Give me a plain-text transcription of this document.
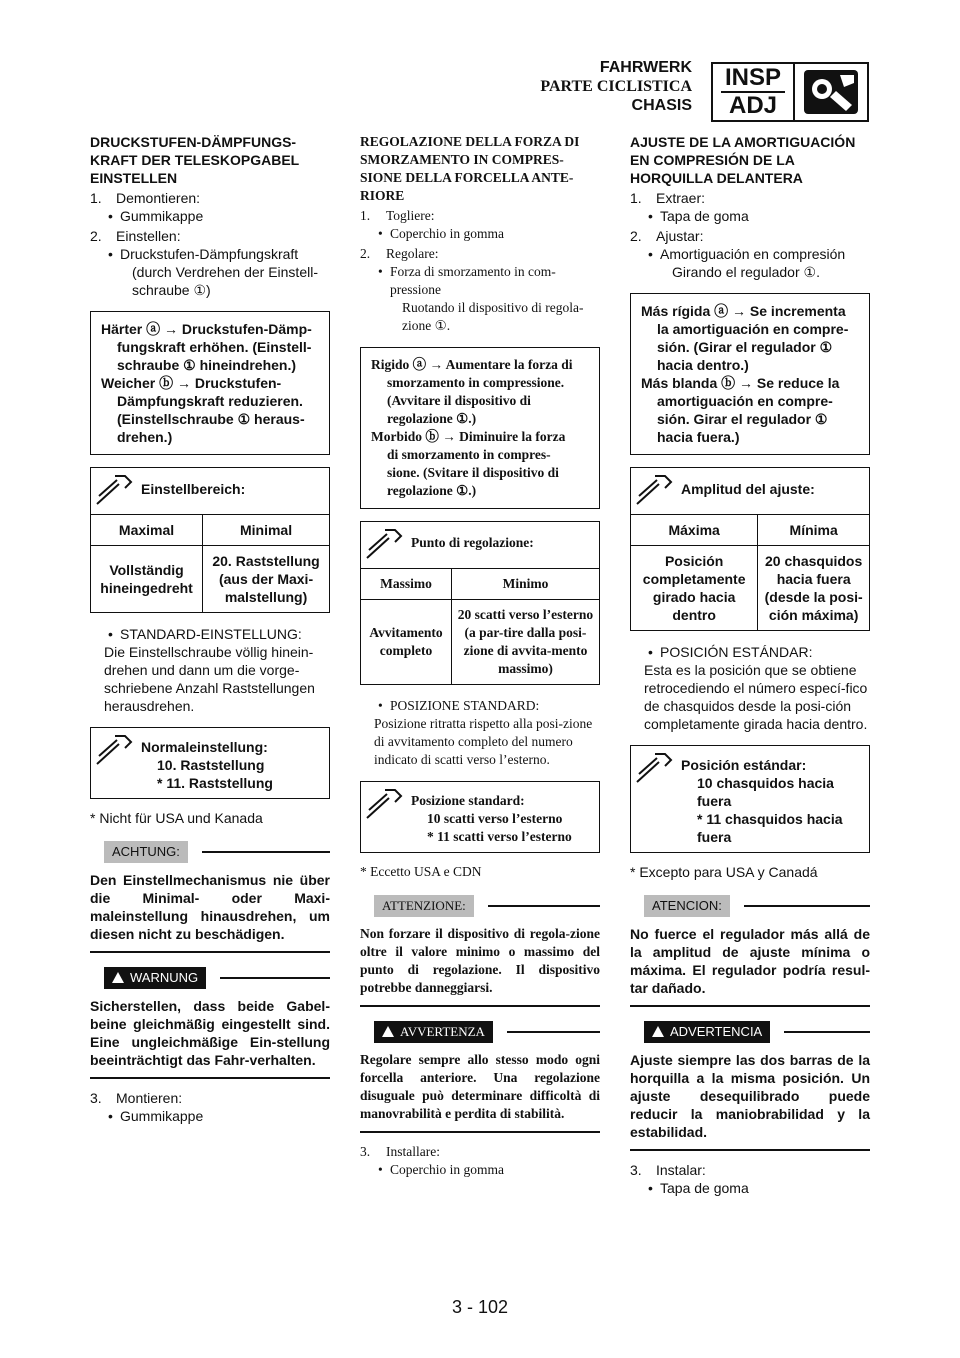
FAHRWERK
PARTE CICLISTICA
CHASIS
INSP
ADJ
DRUCKSTUFEN-DÄMPFUNGS-KRAFT DER TELESKOPGABEL EINSTELLEN
1. Demontieren:
• Gummikappe
2. Einstellen:
• Druckstufen-Dämpfungskraft
(durch Verdrehen der Einstell-schraube ①)

Härter ⓐ → Druckstufen-Dämp-

fungskraft erhöhen. (Einstell-

schraube ① hineindrehen.)

Weicher ⓑ → Druckstufen-

Dämpfungskraft reduzieren.

(Einstellschraube ① heraus-

drehen.)

Einstellbereich:
Maximal	Minimal
Vollständig hineingedreht	20. Raststellung (aus der Maxi-malstellung)
• STANDARD-EINSTELLUNG:
Die Einstellschraube völlig hinein-drehen und dann um die vorge-schriebene Anzahl Raststellungen herausdrehen.
Normaleinstellung:
10. Raststellung
* 11. Raststellung
* Nicht für USA und Kanada
ACHTUNG:
Den Einstellmechanismus nie über die Minimal- oder Maxi-maleinstellung hinausdrehen, um diesen nicht zu beschädigen.
WARNUNG
Sicherstellen, dass beide Gabel-beine gleichmäßig eingestellt sind. Eine ungleichmäßige Ein-stellung beeinträchtigt das Fahr-verhalten.
3. Montieren:
• Gummikappe
REGOLAZIONE DELLA FORZA DI SMORZAMENTO IN COMPRES-SIONE DELLA FORCELLA ANTE-RIORE
1. Togliere:
• Coperchio in gomma
2. Regolare:
• Forza di smorzamento in com-pressione
Ruotando il dispositivo di regola-zione ①.

Rigido ⓐ → Aumentare la forza di

smorzamento in compressione.

(Avvitare il dispositivo di

regolazione ①.)

Morbido ⓑ → Diminuire la forza

di smorzamento in compres-

sione. (Svitare il dispositivo di

regolazione ①.)

Punto di regolazione:
Massimo	Minimo
Avvitamento completo	20 scatti verso l’esterno (a par-tire dalla posi-zione di avvita-mento massimo)
• POSIZIONE STANDARD:
Posizione ritratta rispetto alla posi-zione di avvitamento completo del numero indicato di scatti verso l’esterno.
Posizione standard:
10 scatti verso l’esterno
* 11 scatti verso l’esterno
* Eccetto USA e CDN
ATTENZIONE:
Non forzare il dispositivo di regola-zione oltre il valore minimo o massimo del punto di regolazione. Il dispositivo potrebbe danneggiarsi.
AVVERTENZA
Regolare sempre allo stesso modo ogni forcella anteriore. Una regolazione disuguale può determinare difficoltà di manovrabilità e perdita di stabilità.
3. Installare:
• Coperchio in gomma
AJUSTE DE LA AMORTIGUACIÓN EN COMPRESIÓN DE LA HORQUILLA DELANTERA
1. Extraer:
• Tapa de goma
2. Ajustar:
• Amortiguación en compresión
Girando el regulador ①.

Más rígida ⓐ → Se incrementa

la amortiguación en compre-

sión. (Girar el regulador ①

hacia dentro.)

Más blanda ⓑ → Se reduce la

amortiguación en compre-

sión. Girar el regulador ①

hacia fuera.)

Amplitud del ajuste:
Máxima	Mínima
Posición completamente girado hacia dentro	20 chasquidos hacia fuera (desde la posi-ción máxima)
• POSICIÓN ESTÁNDAR:
Esta es la posición que se obtiene retrocediendo el número especí-fico de chasquidos desde la posi-ción completamente girada hacia dentro.
Posición estándar:
10 chasquidos hacia fuera
* 11 chasquidos hacia fuera
* Excepto para USA y Canadá
ATENCION:
No fuerce el regulador más allá de la amplitud de ajuste mínima o máxima. El regulador podría resul-tar dañado.
ADVERTENCIA
Ajuste siempre las dos barras de la horquilla a la misma posición. Un ajuste desequilibrado puede reducir la maniobrabilidad y la estabilidad.
3. Instalar:
• Tapa de goma
3 - 102
